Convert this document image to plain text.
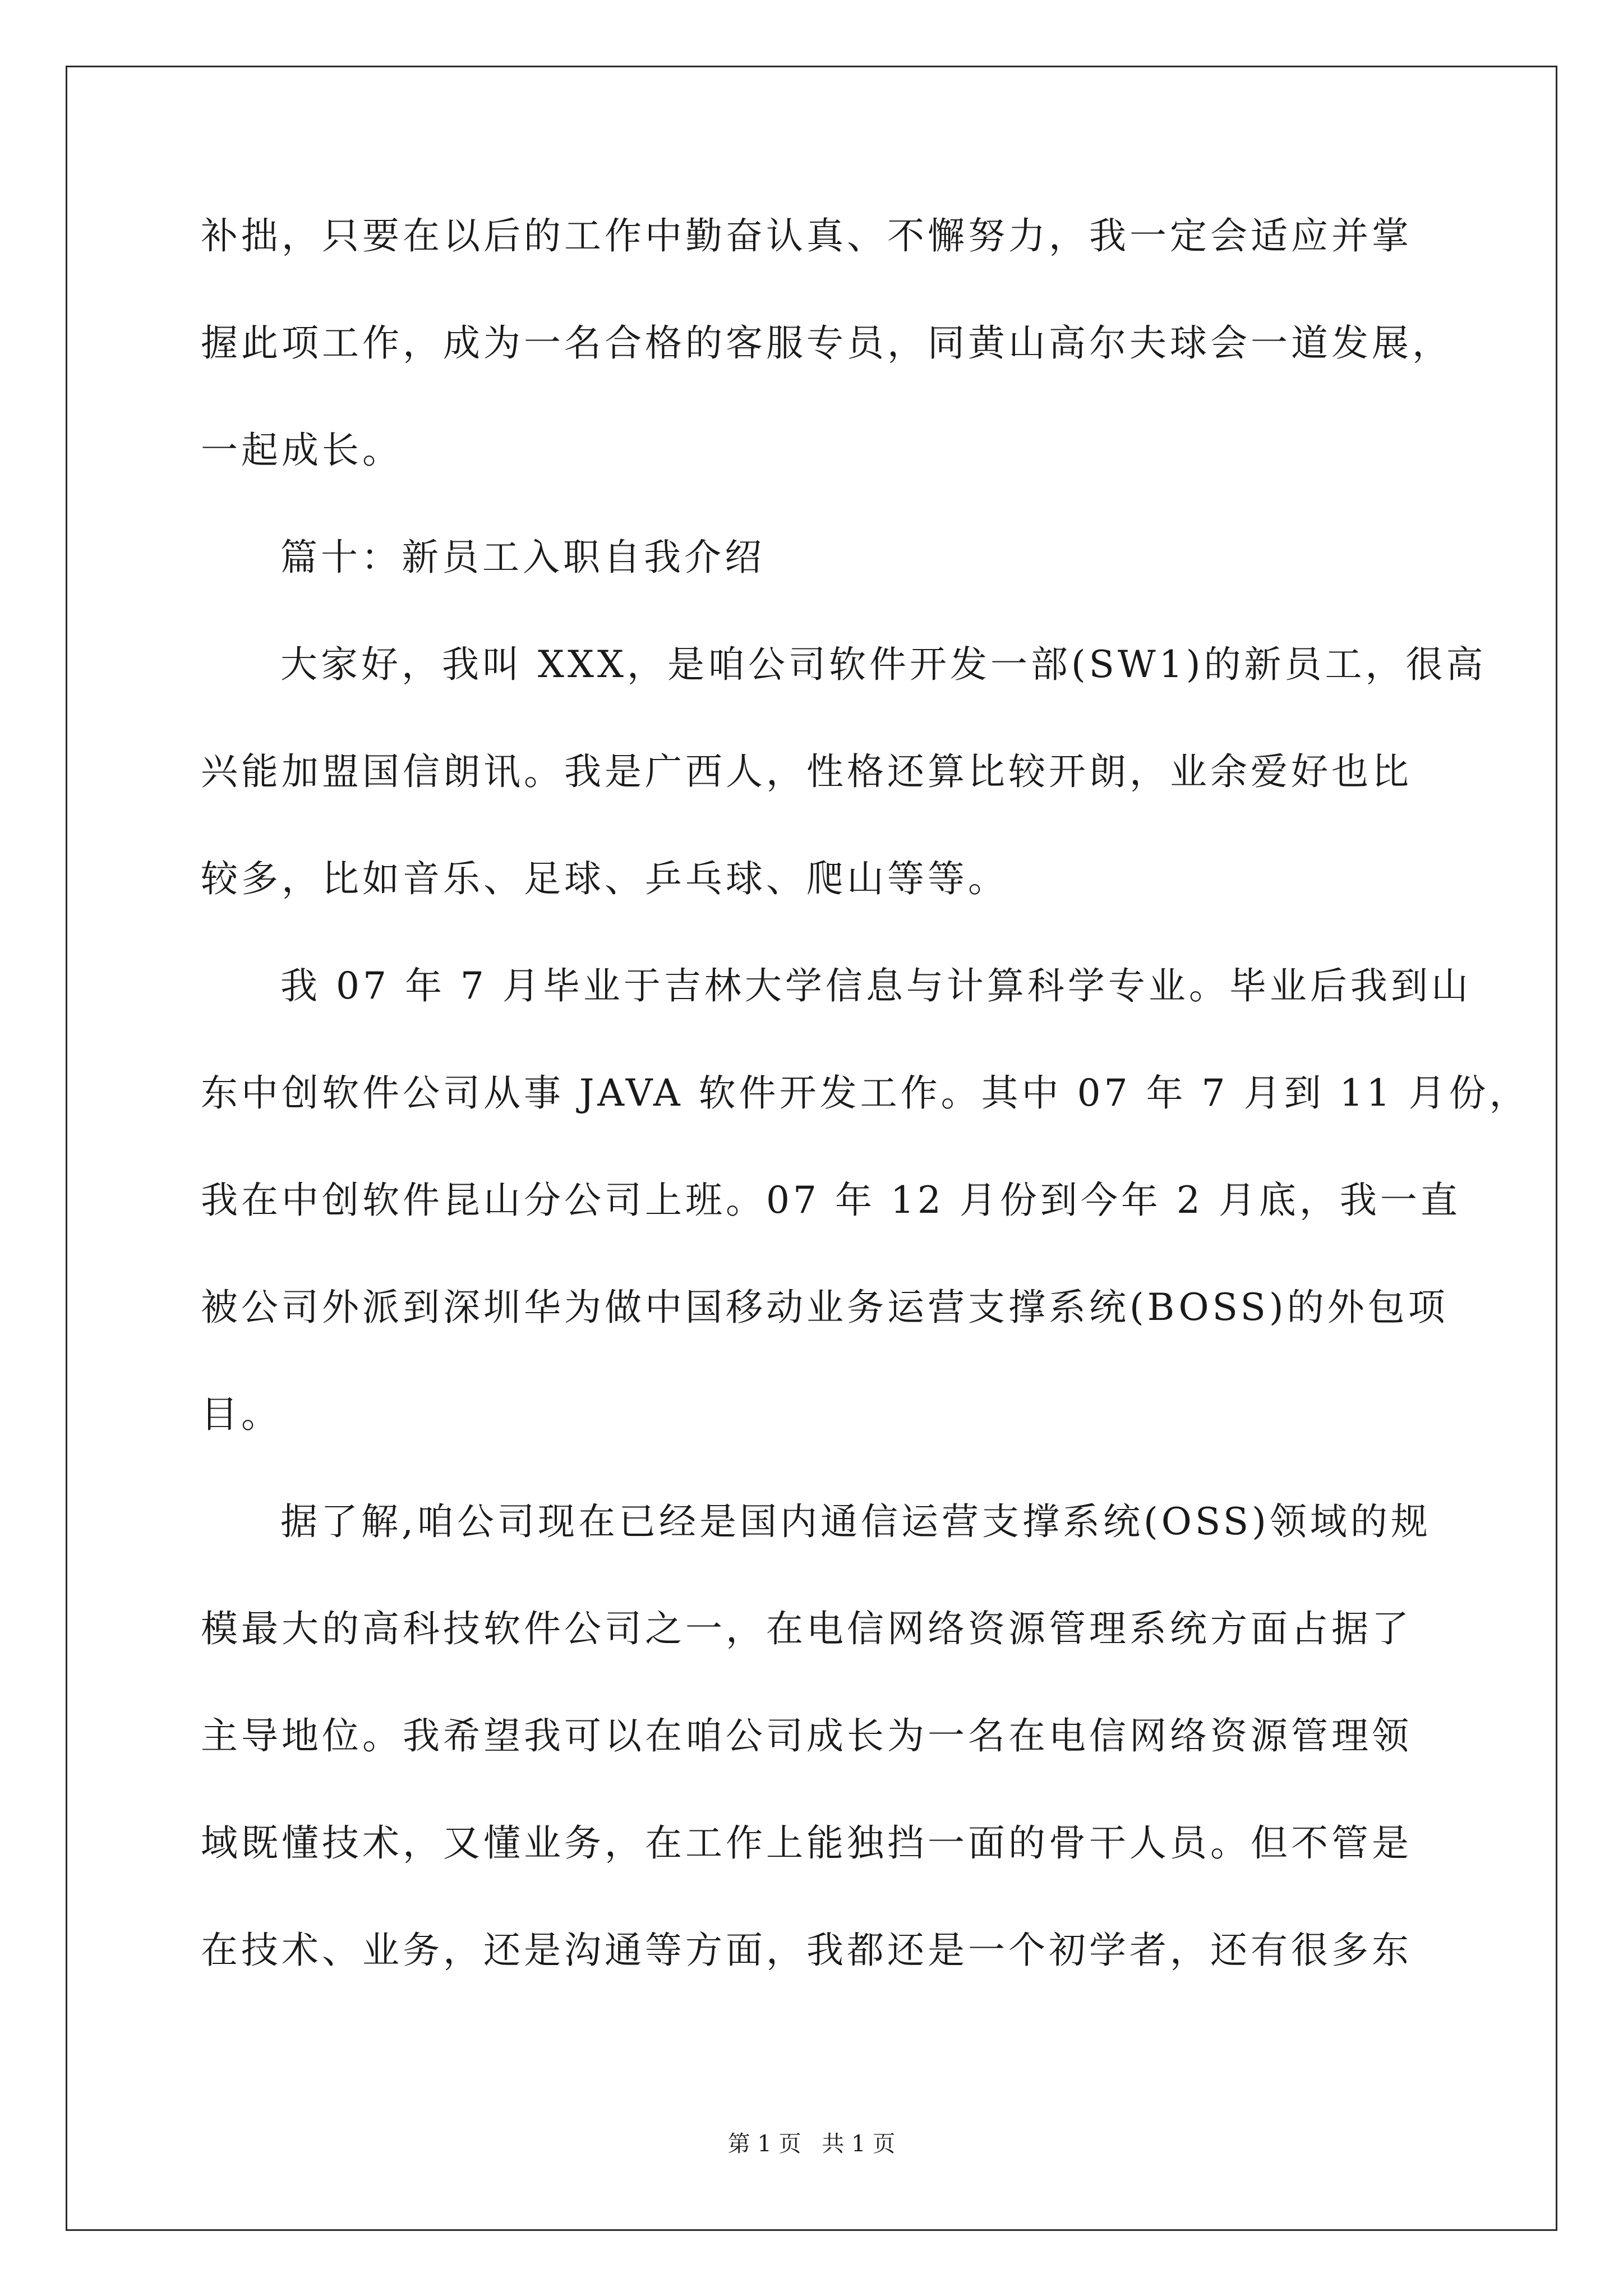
补拙，只要在以后的工作中勤奋认真、不懈努力，我一定会适应并掌
握此项工作，成为一名合格的客服专员，同黄山高尔夫球会一道发展，
一起成长。
篇十：新员工入职自我介绍
大家好，我叫 XXX，是咱公司软件开发一部(SW1)的新员工，很高
兴能加盟国信朗讯。我是广西人，性格还算比较开朗，业余爱好也比
较多，比如音乐、足球、乒乓球、爬山等等。
我 07 年 7 月毕业于吉林大学信息与计算科学专业。毕业后我到山
东中创软件公司从事 JAVA 软件开发工作。其中 07 年 7 月到 11 月份，
我在中创软件昆山分公司上班。07 年 12 月份到今年 2 月底，我一直
被公司外派到深圳华为做中国移动业务运营支撑系统(BOSS)的外包项
目。
据了解,咱公司现在已经是国内通信运营支撑系统(OSS)领域的规
模最大的高科技软件公司之一，在电信网络资源管理系统方面占据了
主导地位。我希望我可以在咱公司成长为一名在电信网络资源管理领
域既懂技术，又懂业务，在工作上能独挡一面的骨干人员。但不管是
在技术、业务，还是沟通等方面，我都还是一个初学者，还有很多东
第 1 页 共 1 页
